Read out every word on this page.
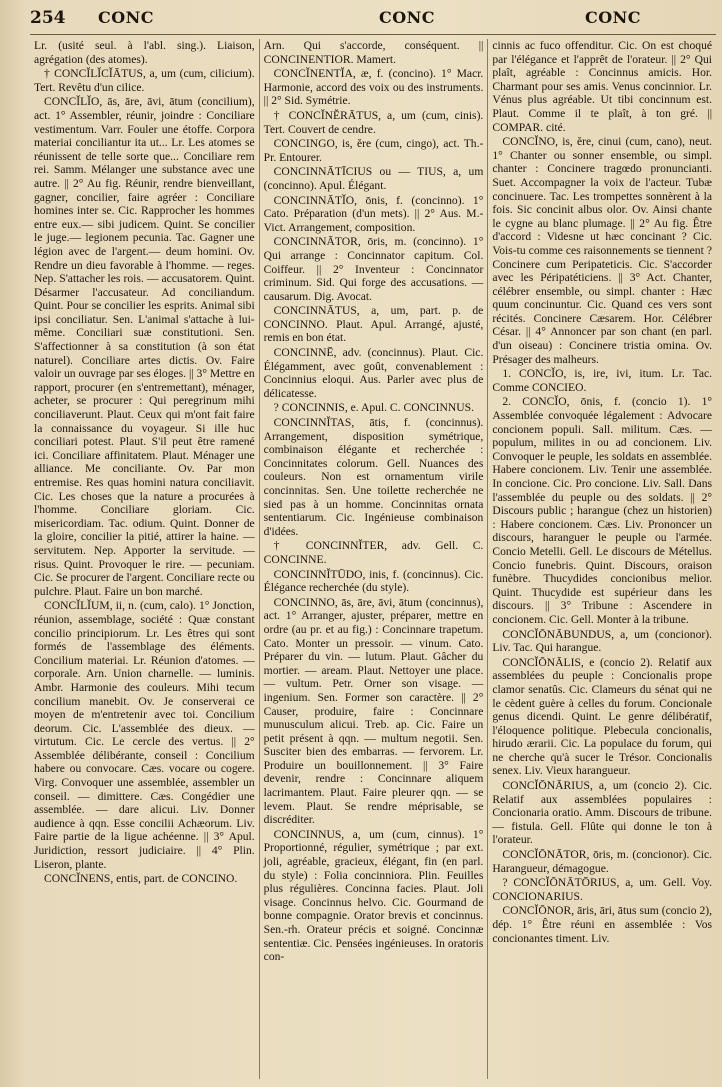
254	CONC	CONC	CONC

Lr. (usité seul. à l'abl. sing.). Liaison, agrégation (des atomes).

† CONCĬLĬCĬĀTUS, a, um (cum, cilicium). Tert. Revêtu d'un cilice.

CONCĬLĬO, ās, āre, āvi, ātum (concilium), act. 1° Assembler, réunir, joindre : Conciliare vestimentum. Varr. Fouler une étoffe. Corpora materiai conciliantur ita ut... Lr. Les atomes se réunissent de telle sorte que... Conciliare rem rei. Samm. Mélanger une substance avec une autre. || 2° Au fig. Réunir, rendre bienveillant, gagner, concilier, faire agréer : Conciliare homines inter se. Cic. Rapprocher les hommes entre eux.— sibi judicem. Quint. Se concilier le juge.— legionem pecunia. Tac. Gagner une légion avec de l'argent.— deum homini. Ov. Rendre un dieu favorable à l'homme. — reges. Nep. S'attacher les rois. — accusatorem. Quint. Désarmer l'accusateur. Ad conciliandum. Quint. Pour se concilier les esprits. Animal sibi ipsi conciliatur. Sen. L'animal s'attache à lui-même. Conciliari suæ constitutioni. Sen. S'affectionner à sa constitution (à son état naturel). Conciliare artes dictis. Ov. Faire valoir un ouvrage par ses éloges. || 3° Mettre en rapport, procurer (en s'entremettant), ménager, acheter, se procurer : Qui peregrinum mihi conciliaverunt. Plaut. Ceux qui m'ont fait faire la connaissance du voyageur. Si ille huc conciliari potest. Plaut. S'il peut être ramené ici. Conciliare affinitatem. Plaut. Ménager une alliance. Me conciliante. Ov. Par mon entremise. Res quas homini natura conciliavit. Cic. Les choses que la nature a procurées à l'homme. Conciliare gloriam. Cic. misericordiam. Tac. odium. Quint. Donner de la gloire, concilier la pitié, attirer la haine. — servitutem. Nep. Apporter la servitude. — risus. Quint. Provoquer le rire. — pecuniam. Cic. Se procurer de l'argent. Conciliare recte ou pulchre. Plaut. Faire un bon marché.

CONCĬLĬUM, ii, n. (cum, calo). 1° Jonction, réunion, assemblage, société : Quæ constant concilio principiorum. Lr. Les êtres qui sont formés de l'assemblage des éléments. Concilium materiai. Lr. Réunion d'atomes. — corporale. Arn. Union charnelle. — luminis. Ambr. Harmonie des couleurs. Mihi tecum concilium manebit. Ov. Je conserverai ce moyen de m'entretenir avec toi. Concilium deorum. Cic. L'assemblée des dieux. — virtutum. Cic. Le cercle des vertus. || 2° Assemblée délibérante, conseil : Concilium habere ou convocare. Cæs. vocare ou cogere. Virg. Convoquer une assemblée, assembler un conseil. — dimittere. Cæs. Congédier une assemblée. — dare alicui. Liv. Donner audience à qqn. Esse concilii Achæorum. Liv. Faire partie de la ligue achéenne. || 3° Apul. Juridiction, ressort judiciaire. || 4° Plin. Liseron, plante.

CONCĬNENS, entis, part. de CONCINO.

Arn. Qui s'accorde, conséquent. || CONCINENTIOR. Mamert.

CONCĬNENTĬA, æ, f. (concino). 1° Macr. Harmonie, accord des voix ou des instruments. || 2° Sid. Symétrie.

† CONCĬNĔRĀTUS, a, um (cum, cinis). Tert. Couvert de cendre.

CONCINGO, is, ĕre (cum, cingo), act. Th.-Pr. Entourer.

CONCINNĀTĪCIUS ou — TIUS, a, um (concinno). Apul. Élégant.

CONCINNĀTĬO, ōnis, f. (concinno). 1° Cato. Préparation (d'un mets). || 2° Aus. M.-Vict. Arrangement, composition.

CONCINNĀTOR, ōris, m. (concinno). 1° Qui arrange : Concinnator capitum. Col. Coiffeur. || 2° Inventeur : Concinnator criminum. Sid. Qui forge des accusations. — causarum. Dig. Avocat.

CONCINNĀTUS, a, um, part. p. de CONCINNO. Plaut. Apul. Arrangé, ajusté, remis en bon état.

CONCINNĒ, adv. (concinnus). Plaut. Cic. Élégamment, avec goût, convenablement : Concinnius eloqui. Aus. Parler avec plus de délicatesse.

? CONCINNIS, e. Apul. C. CONCINNUS.

CONCINNĬTAS, ātis, f. (concinnus). Arrangement, disposition symétrique, combinaison élégante et recherchée : Concinnitates colorum. Gell. Nuances des couleurs. Non est ornamentum virile concinnitas. Sen. Une toilette recherchée ne sied pas à un homme. Concinnitas ornata sententiarum. Cic. Ingénieuse combinaison d'idées.

† CONCINNĬTER, adv. Gell. C. CONCINNE.

CONCINNĬTŪDO, inis, f. (concinnus). Cic. Élégance recherchée (du style).

CONCINNO, ās, āre, āvi, ātum (concinnus), act. 1° Arranger, ajuster, préparer, mettre en ordre (au pr. et au fig.) : Concinnare trapetum. Cato. Monter un pressoir. — vinum. Cato. Préparer du vin. — lutum. Plaut. Gâcher du mortier. — aream. Plaut. Nettoyer une place. — vultum. Petr. Orner son visage. — ingenium. Sen. Former son caractère. || 2° Causer, produire, faire : Concinnare munusculum alicui. Treb. ap. Cic. Faire un petit présent à qqn. — multum negotii. Sen. Susciter bien des embarras. — fervorem. Lr. Produire un bouillonnement. || 3° Faire devenir, rendre : Concinnare aliquem lacrimantem. Plaut. Faire pleurer qqn. — se levem. Plaut. Se rendre méprisable, se discréditer.

CONCINNUS, a, um (cum, cinnus). 1° Proportionné, régulier, symétrique ; par ext. joli, agréable, gracieux, élégant, fin (en parl. du style) : Folia concinniora. Plin. Feuilles plus régulières. Concinna facies. Plaut. Joli visage. Concinnus helvo. Cic. Gourmand de bonne compagnie. Orator brevis et concinnus. Sen.-rh. Orateur précis et soigné. Concinnæ sententiæ. Cic. Pensées ingénieuses. In oratoris con-

cinnis ac fuco offenditur. Cic. On est choqué par l'élégance et l'apprêt de l'orateur. || 2° Qui plaît, agréable : Concinnus amicis. Hor. Charmant pour ses amis. Venus concinnior. Lr. Vénus plus agréable. Ut tibi concinnum est. Plaut. Comme il te plaît, à ton gré. || COMPAR. cité.

CONCĬNO, is, ĕre, cinui (cum, cano), neut. 1° Chanter ou sonner ensemble, ou simpl. chanter : Concinere tragœdo pronuncianti. Suet. Accompagner la voix de l'acteur. Tubæ concinuere. Tac. Les trompettes sonnèrent à la fois. Sic concinit albus olor. Ov. Ainsi chante le cygne au blanc plumage. || 2° Au fig. Être d'accord : Videsne ut hæc concinant ? Cic. Vois-tu comme ces raisonnements se tiennent ? Concinere cum Peripateticis. Cic. S'accorder avec les Péripatéticiens. || 3° Act. Chanter, célébrer ensemble, ou simpl. chanter : Hæc quum concinuntur. Cic. Quand ces vers sont récités. Concinere Cæsarem. Hor. Célébrer César. || 4° Annoncer par son chant (en parl. d'un oiseau) : Concinere tristia omina. Ov. Présager des malheurs.

1. CONCĬO, is, ire, ivi, itum. Lr. Tac. Comme CONCIEO.

2. CONCĬO, ōnis, f. (concio 1). 1° Assemblée convoquée légalement : Advocare concionem populi. Sall. militum. Cæs. — populum, milites in ou ad concionem. Liv. Convoquer le peuple, les soldats en assemblée. Habere concionem. Liv. Tenir une assemblée. In concione. Cic. Pro concione. Liv. Sall. Dans l'assemblée du peuple ou des soldats. || 2° Discours public ; harangue (chez un historien) : Habere concionem. Cæs. Liv. Prononcer un discours, haranguer le peuple ou l'armée. Concio Metelli. Gell. Le discours de Métellus. Concio funebris. Quint. Discours, oraison funèbre. Thucydides concionibus melior. Quint. Thucydide est supérieur dans les discours. || 3° Tribune : Ascendere in concionem. Cic. Gell. Monter à la tribune.

CONCĬŌNĀBUNDUS, a, um (concionor). Liv. Tac. Qui harangue.

CONCĬŌNĀLIS, e (concio 2). Relatif aux assemblées du peuple : Concionalis prope clamor senatûs. Cic. Clameurs du sénat qui ne le cèdent guère à celles du forum. Concionale genus dicendi. Quint. Le genre délibératif, l'éloquence politique. Plebecula concionalis, hirudo ærarii. Cic. La populace du forum, qui ne cherche qu'à sucer le Trésor. Concionalis senex. Liv. Vieux harangueur.

CONCĬŌNĀRIUS, a, um (concio 2). Cic. Relatif aux assemblées populaires : Concionaria oratio. Amm. Discours de tribune. — fistula. Gell. Flûte qui donne le ton à l'orateur.

CONCĬŌNĀTOR, ōris, m. (concionor). Cic. Harangueur, démagogue.

? CONCĬŌNĀTŌRIUS, a, um. Gell. Voy. CONCIONARIUS.

CONCĬŌNOR, āris, āri, ātus sum (concio 2), dép. 1° Être réuni en assemblée : Vos concionantes timent. Liv.
